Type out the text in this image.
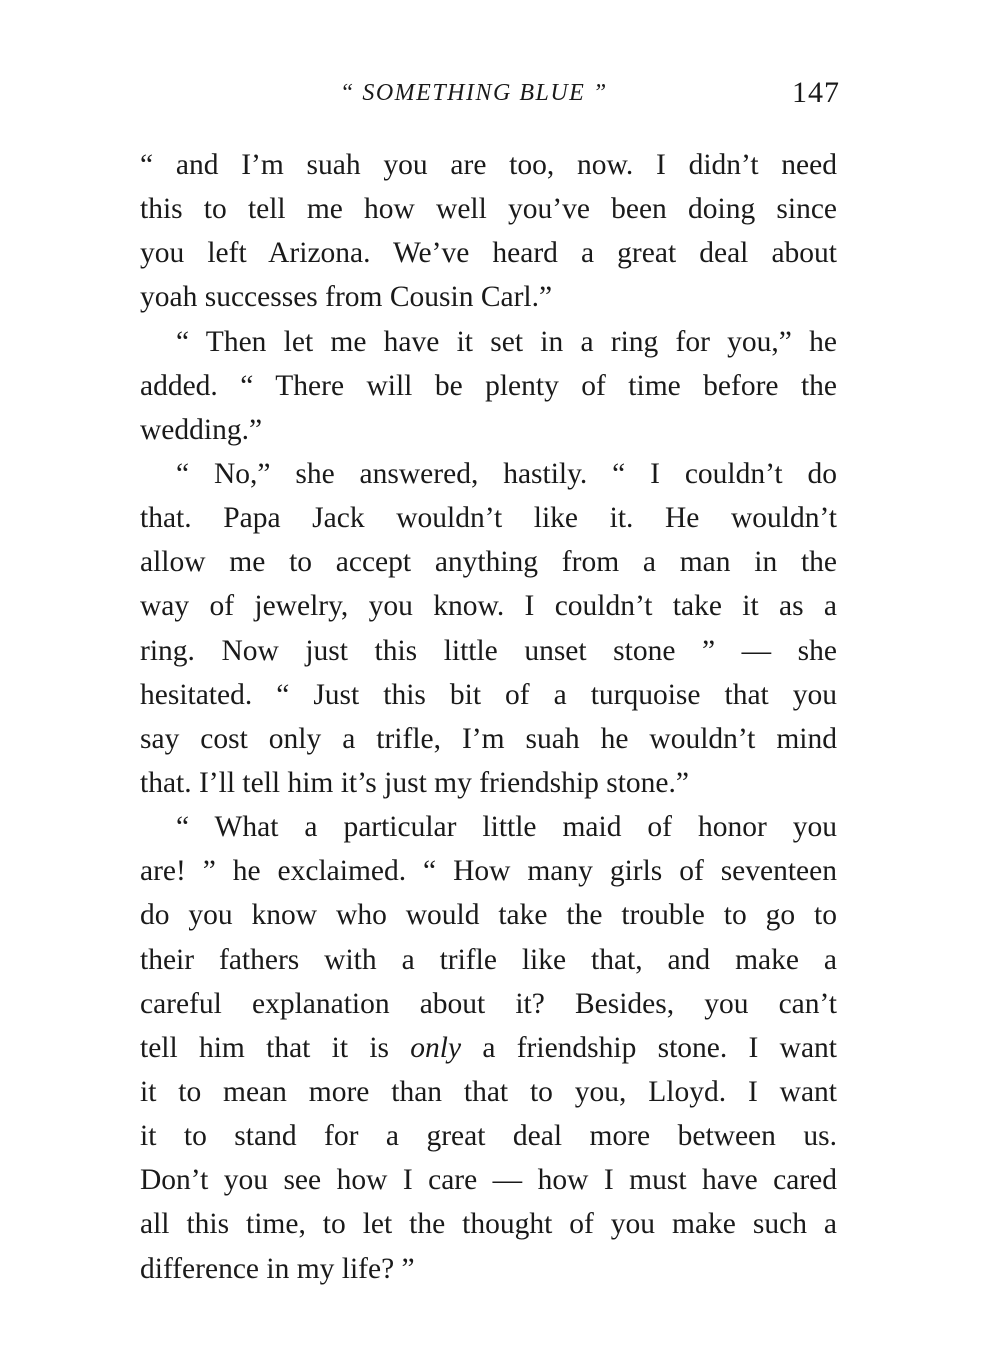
“ SOMETHING BLUE ”	147
“ and I’m suah you are too, now. I didn’t need
this to tell me how well you’ve been doing since
you left Arizona. We’ve heard a great deal about
yoah successes from Cousin Carl.”
“ Then let me have it set in a ring for you,” he
added. “ There will be plenty of time before the
wedding.”
“ No,” she answered, hastily. “ I couldn’t do
that. Papa Jack wouldn’t like it. He wouldn’t
allow me to accept anything from a man in the
way of jewelry, you know. I couldn’t take it as a
ring. Now just this little unset stone ” — she
hesitated. “ Just this bit of a turquoise that you
say cost only a trifle, I’m suah he wouldn’t mind
that. I’ll tell him it’s just my friendship stone.”
“ What a particular little maid of honor you
are! ” he exclaimed. “ How many girls of seventeen
do you know who would take the trouble to go to
their fathers with a trifle like that, and make a
careful explanation about it? Besides, you can’t
tell him that it is only a friendship stone. I want
it to mean more than that to you, Lloyd. I want
it to stand for a great deal more between us.
Don’t you see how I care — how I must have cared
all this time, to let the thought of you make such a
difference in my life? ”
